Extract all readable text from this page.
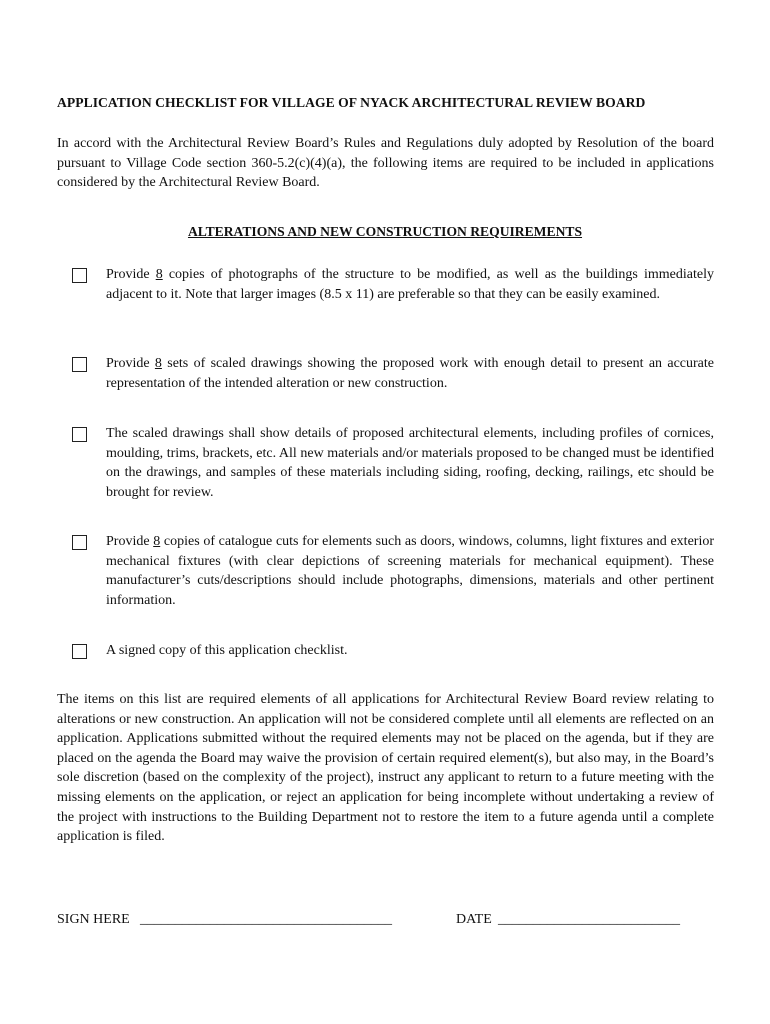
APPLICATION CHECKLIST FOR VILLAGE OF NYACK ARCHITECTURAL REVIEW BOARD
In accord with the Architectural Review Board’s Rules and Regulations duly adopted by Resolution of the board pursuant to Village Code section 360-5.2(c)(4)(a), the following items are required to be included in applications considered by the Architectural Review Board.
ALTERATIONS AND NEW CONSTRUCTION REQUIREMENTS
Provide 8 copies of photographs of the structure to be modified, as well as the buildings immediately adjacent to it. Note that larger images (8.5 x 11) are preferable so that they can be easily examined.
Provide 8 sets of scaled drawings showing the proposed work with enough detail to present an accurate representation of the intended alteration or new construction.
The scaled drawings shall show details of proposed architectural elements, including profiles of cornices, moulding, trims, brackets, etc. All new materials and/or materials proposed to be changed must be identified on the drawings, and samples of these materials including siding, roofing, decking, railings, etc should be brought for review.
Provide 8 copies of catalogue cuts for elements such as doors, windows, columns, light fixtures and exterior mechanical fixtures (with clear depictions of screening materials for mechanical equipment). These manufacturer’s cuts/descriptions should include photographs, dimensions, materials and other pertinent information.
A signed copy of this application checklist.
The items on this list are required elements of all applications for Architectural Review Board review relating to alterations or new construction. An application will not be considered complete until all elements are reflected on an application. Applications submitted without the required elements may not be placed on the agenda, but if they are placed on the agenda the Board may waive the provision of certain required element(s), but also may, in the Board’s sole discretion (based on the complexity of the project), instruct any applicant to return to a future meeting with the missing elements on the application, or reject an application for being incomplete without undertaking a review of the project with instructions to the Building Department not to restore the item to a future agenda until a complete application is filed.
SIGN HERE ____________________________________	DATE __________________________
